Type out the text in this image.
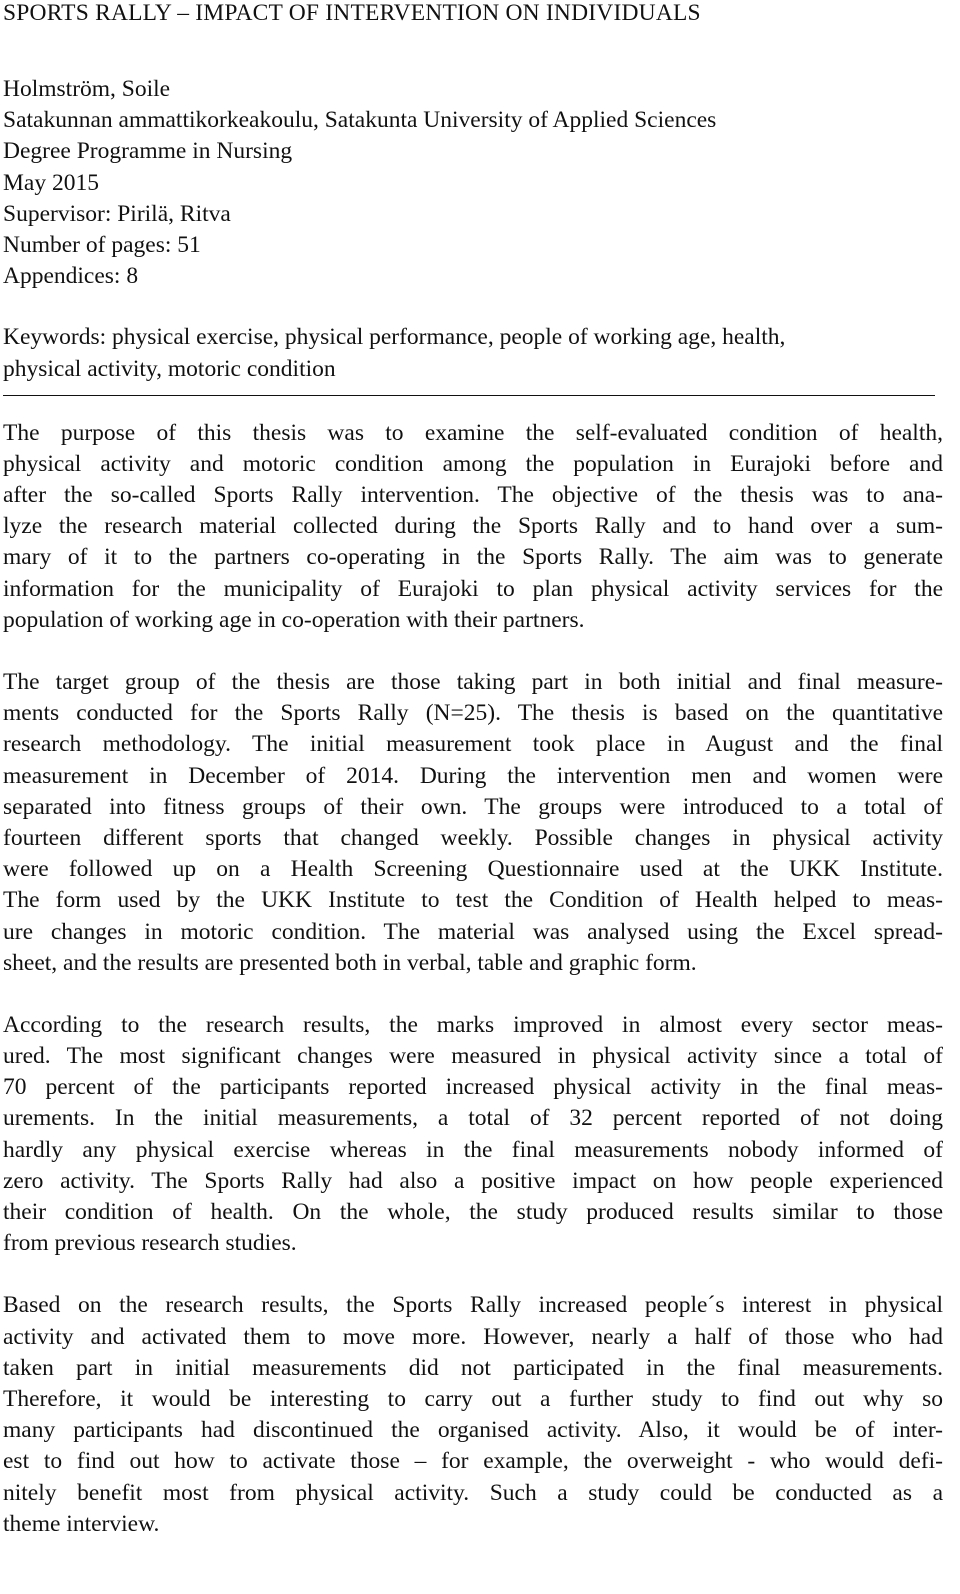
SPORTS RALLY – IMPACT OF INTERVENTION ON INDIVIDUALS
Holmström, Soile
Satakunnan ammattikorkeakoulu, Satakunta University of Applied Sciences
Degree Programme in Nursing
May 2015
Supervisor: Pirilä, Ritva
Number of pages: 51
Appendices: 8
Keywords: physical exercise, physical performance, people of working age, health,
physical activity, motoric condition
The purpose of this thesis was to examine the self-evaluated condition of health,
physical activity and motoric condition among the population in Eurajoki before and
after the so-called Sports Rally intervention. The objective of the thesis was to ana-
lyze the research material collected during the Sports Rally and to hand over a sum-
mary of it to the partners co-operating in the Sports Rally. The aim was to generate
information for the municipality of Eurajoki to plan physical activity services for the
population of working age in co-operation with their partners.
The target group of the thesis are those taking part in both initial and final measure-
ments conducted for the Sports Rally (N=25). The thesis is based on the quantitative
research methodology. The initial measurement took place in August and the final
measurement in December of 2014. During the intervention men and women were
separated into fitness groups of their own. The groups were introduced to a total of
fourteen different sports that changed weekly. Possible changes in physical activity
were followed up on a Health Screening Questionnaire used at the UKK Institute.
The form used by the UKK Institute to test the Condition of Health helped to meas-
ure changes in motoric condition. The material was analysed using the Excel spread-
sheet, and the results are presented both in verbal, table and graphic form.
According to the research results, the marks improved in almost every sector meas-
ured. The most significant changes were measured in physical activity since a total of
70 percent of the participants reported increased physical activity in the final meas-
urements. In the initial measurements, a total of 32 percent reported of not doing
hardly any physical exercise whereas in the final measurements nobody informed of
zero activity. The Sports Rally had also a positive impact on how people experienced
their condition of health. On the whole, the study produced results similar to those
from previous research studies.
Based on the research results, the Sports Rally increased people´s interest in physical
activity and activated them to move more. However, nearly a half of those who had
taken part in initial measurements did not participated in the final measurements.
Therefore, it would be interesting to carry out a further study to find out why so
many participants had discontinued the organised activity. Also, it would be of inter-
est to find out how to activate those – for example, the overweight - who would defi-
nitely benefit most from physical activity. Such a study could be conducted as a
theme interview.
